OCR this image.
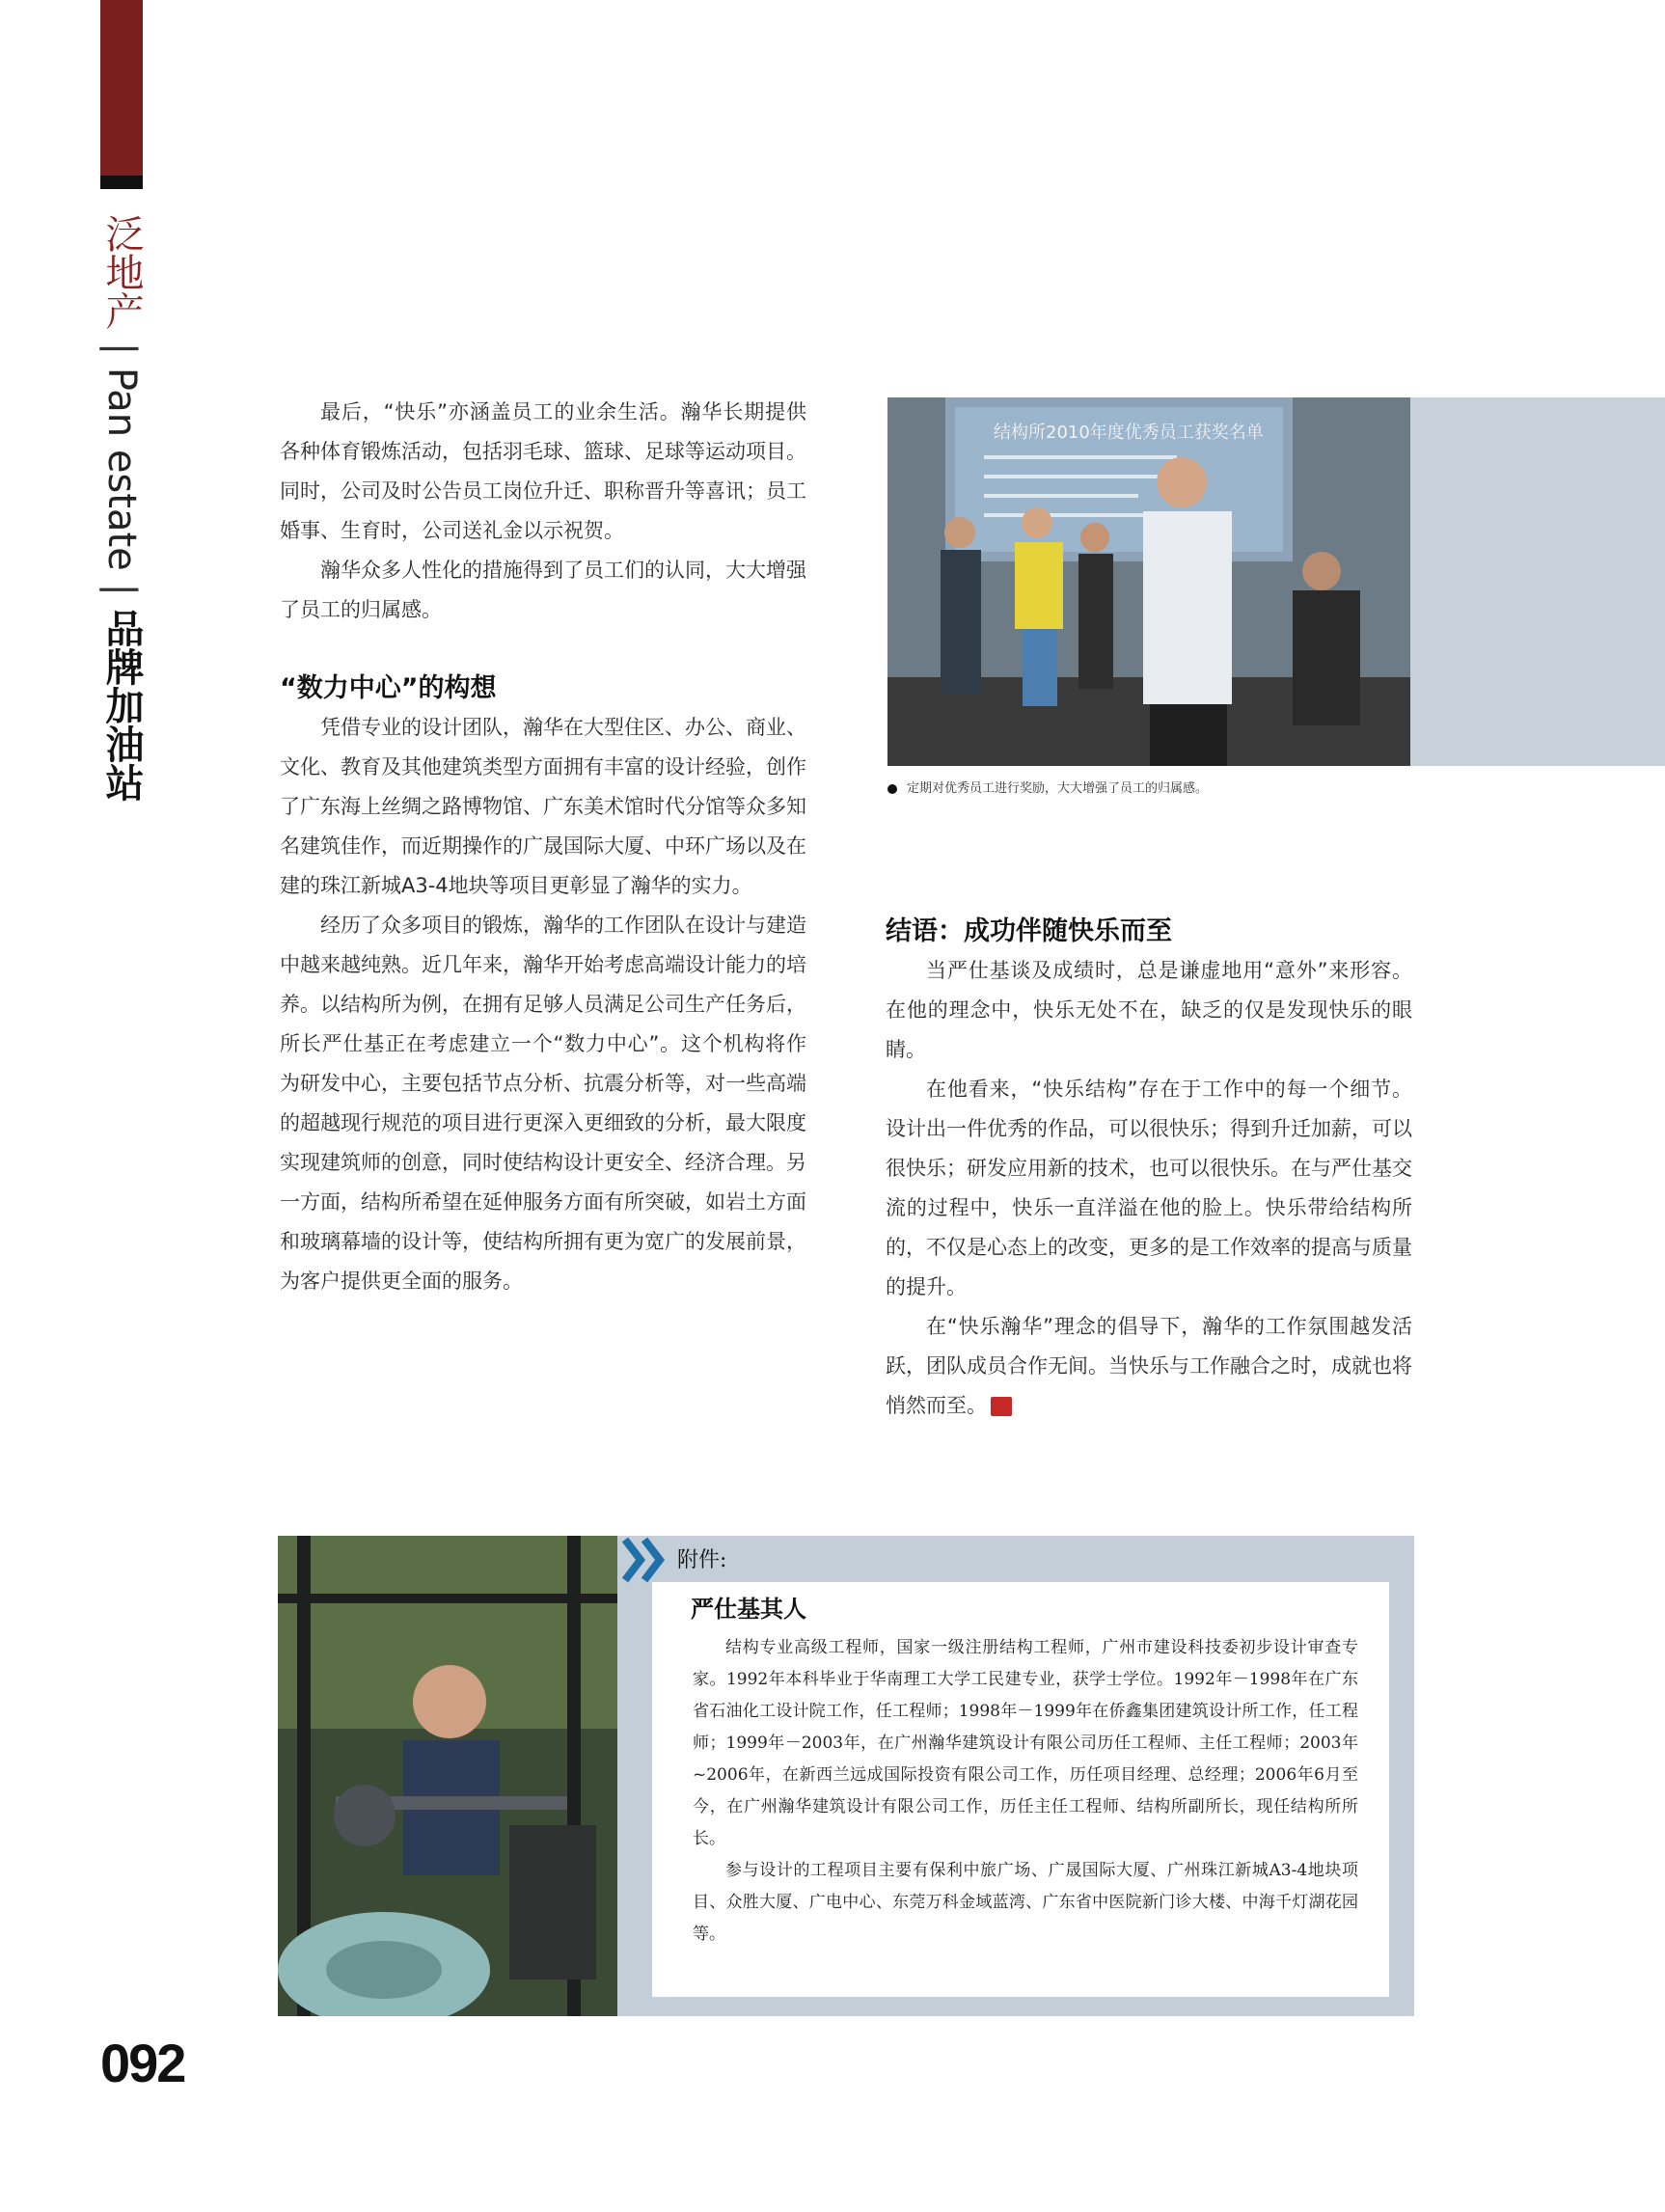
泛地产 | Pan estate | 品牌加油站

最后，“快乐”亦涵盖员工的业余生活。瀚华长期提供各种体育锻炼活动，包括羽毛球、篮球、足球等运动项目。同时，公司及时公告员工岗位升迁、职称晋升等喜讯；员工婚事、生育时，公司送礼金以示祝贺。

瀚华众多人性化的措施得到了员工们的认同，大大增强了员工的归属感。

“数力中心”的构想

凭借专业的设计团队，瀚华在大型住区、办公、商业、文化、教育及其他建筑类型方面拥有丰富的设计经验，创作了广东海上丝绸之路博物馆、广东美术馆时代分馆等众多知名建筑佳作，而近期操作的广晟国际大厦、中环广场以及在建的珠江新城A3-4地块等项目更彰显了瀚华的实力。

经历了众多项目的锻炼，瀚华的工作团队在设计与建造中越来越纯熟。近几年来，瀚华开始考虑高端设计能力的培养。以结构所为例，在拥有足够人员满足公司生产任务后，所长严仕基正在考虑建立一个“数力中心”。这个机构将作为研发中心，主要包括节点分析、抗震分析等，对一些高端的超越现行规范的项目进行更深入更细致的分析，最大限度实现建筑师的创意，同时使结构设计更安全、经济合理。另一方面，结构所希望在延伸服务方面有所突破，如岩土方面和玻璃幕墙的设计等，使结构所拥有更为宽广的发展前景，为客户提供更全面的服务。

结构所2010年度优秀员工获奖名单
定期对优秀员工进行奖励，大大增强了员工的归属感。
结语：成功伴随快乐而至

当严仕基谈及成绩时，总是谦虚地用“意外”来形容。在他的理念中，快乐无处不在，缺乏的仅是发现快乐的眼睛。

在他看来，“快乐结构”存在于工作中的每一个细节。设计出一件优秀的作品，可以很快乐；得到升迁加薪，可以很快乐；研发应用新的技术，也可以很快乐。在与严仕基交流的过程中，快乐一直洋溢在他的脸上。快乐带给结构所的，不仅是心态上的改变，更多的是工作效率的提高与质量的提升。

在“快乐瀚华”理念的倡导下，瀚华的工作氛围越发活跃，团队成员合作无间。当快乐与工作融合之时，成就也将悄然而至。	写

附件:
严仕基其人

结构专业高级工程师，国家一级注册结构工程师，广州市建设科技委初步设计审查专家。1992年本科毕业于华南理工大学工民建专业，获学士学位。1992年－1998年在广东省石油化工设计院工作，任工程师；1998年－1999年在侨鑫集团建筑设计所工作，任工程师；1999年－2003年，在广州瀚华建筑设计有限公司历任工程师、主任工程师；2003年~2006年，在新西兰远成国际投资有限公司工作，历任项目经理、总经理；2006年6月至今，在广州瀚华建筑设计有限公司工作，历任主任工程师、结构所副所长，现任结构所所长。

参与设计的工程项目主要有保利中旅广场、广晟国际大厦、广州珠江新城A3-4地块项目、众胜大厦、广电中心、东莞万科金域蓝湾、广东省中医院新门诊大楼、中海千灯湖花园等。

092
